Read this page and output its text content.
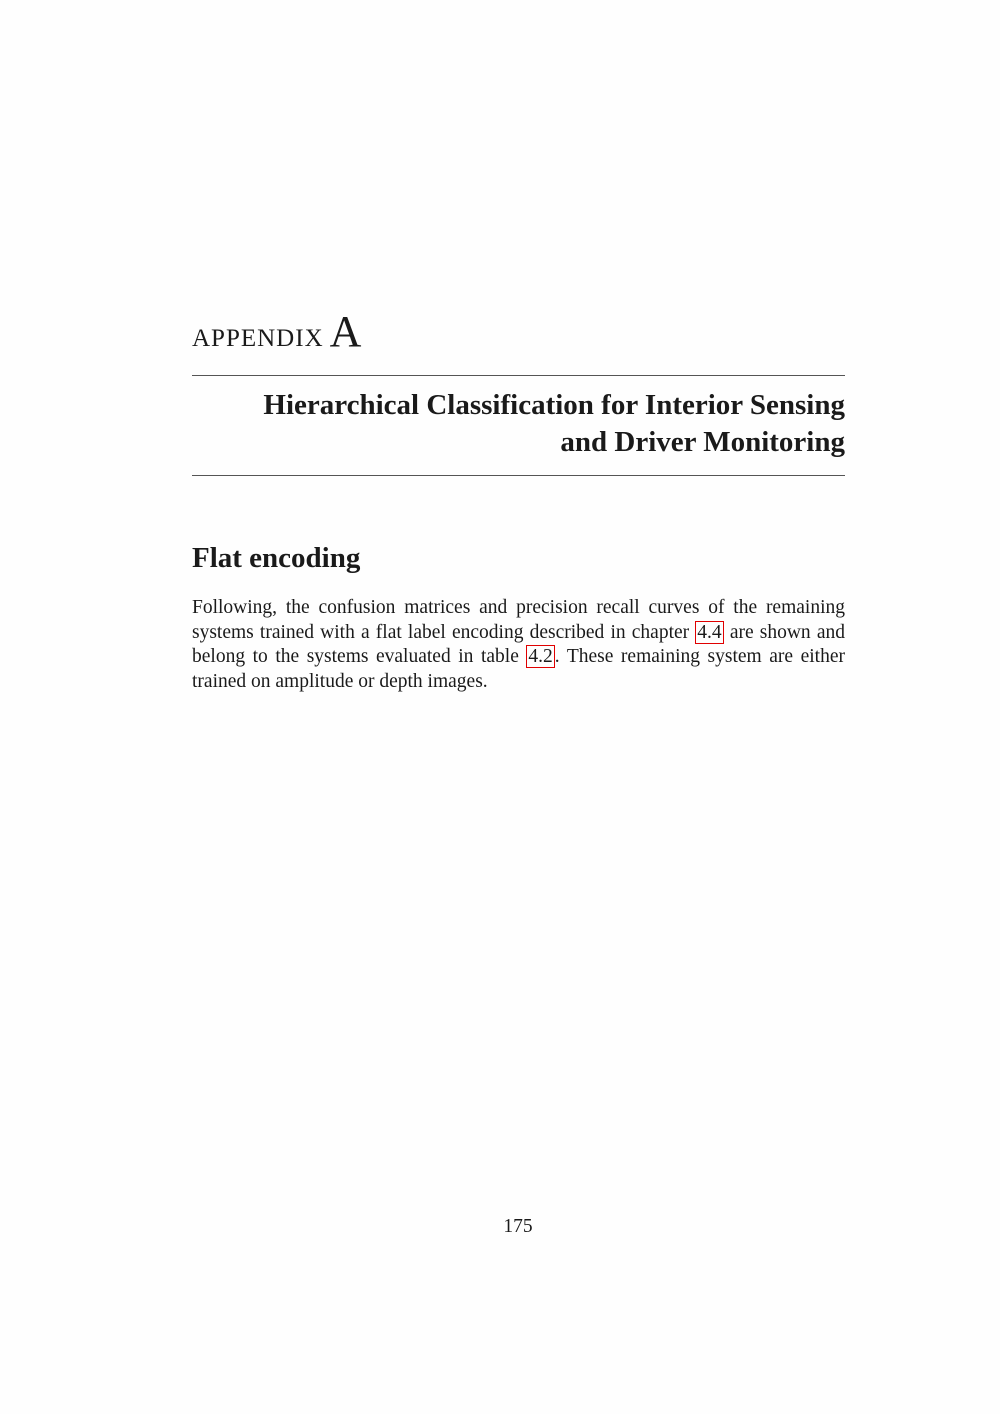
appendix A
Hierarchical Classification for Interior Sensing
and Driver Monitoring
Flat encoding
Following, the confusion matrices and precision recall curves of the remaining systems trained with a flat label encoding described in chapter 4.4 are shown and belong to the systems evaluated in table 4.2 . These remaining system are either trained on amplitude or depth images.
175
